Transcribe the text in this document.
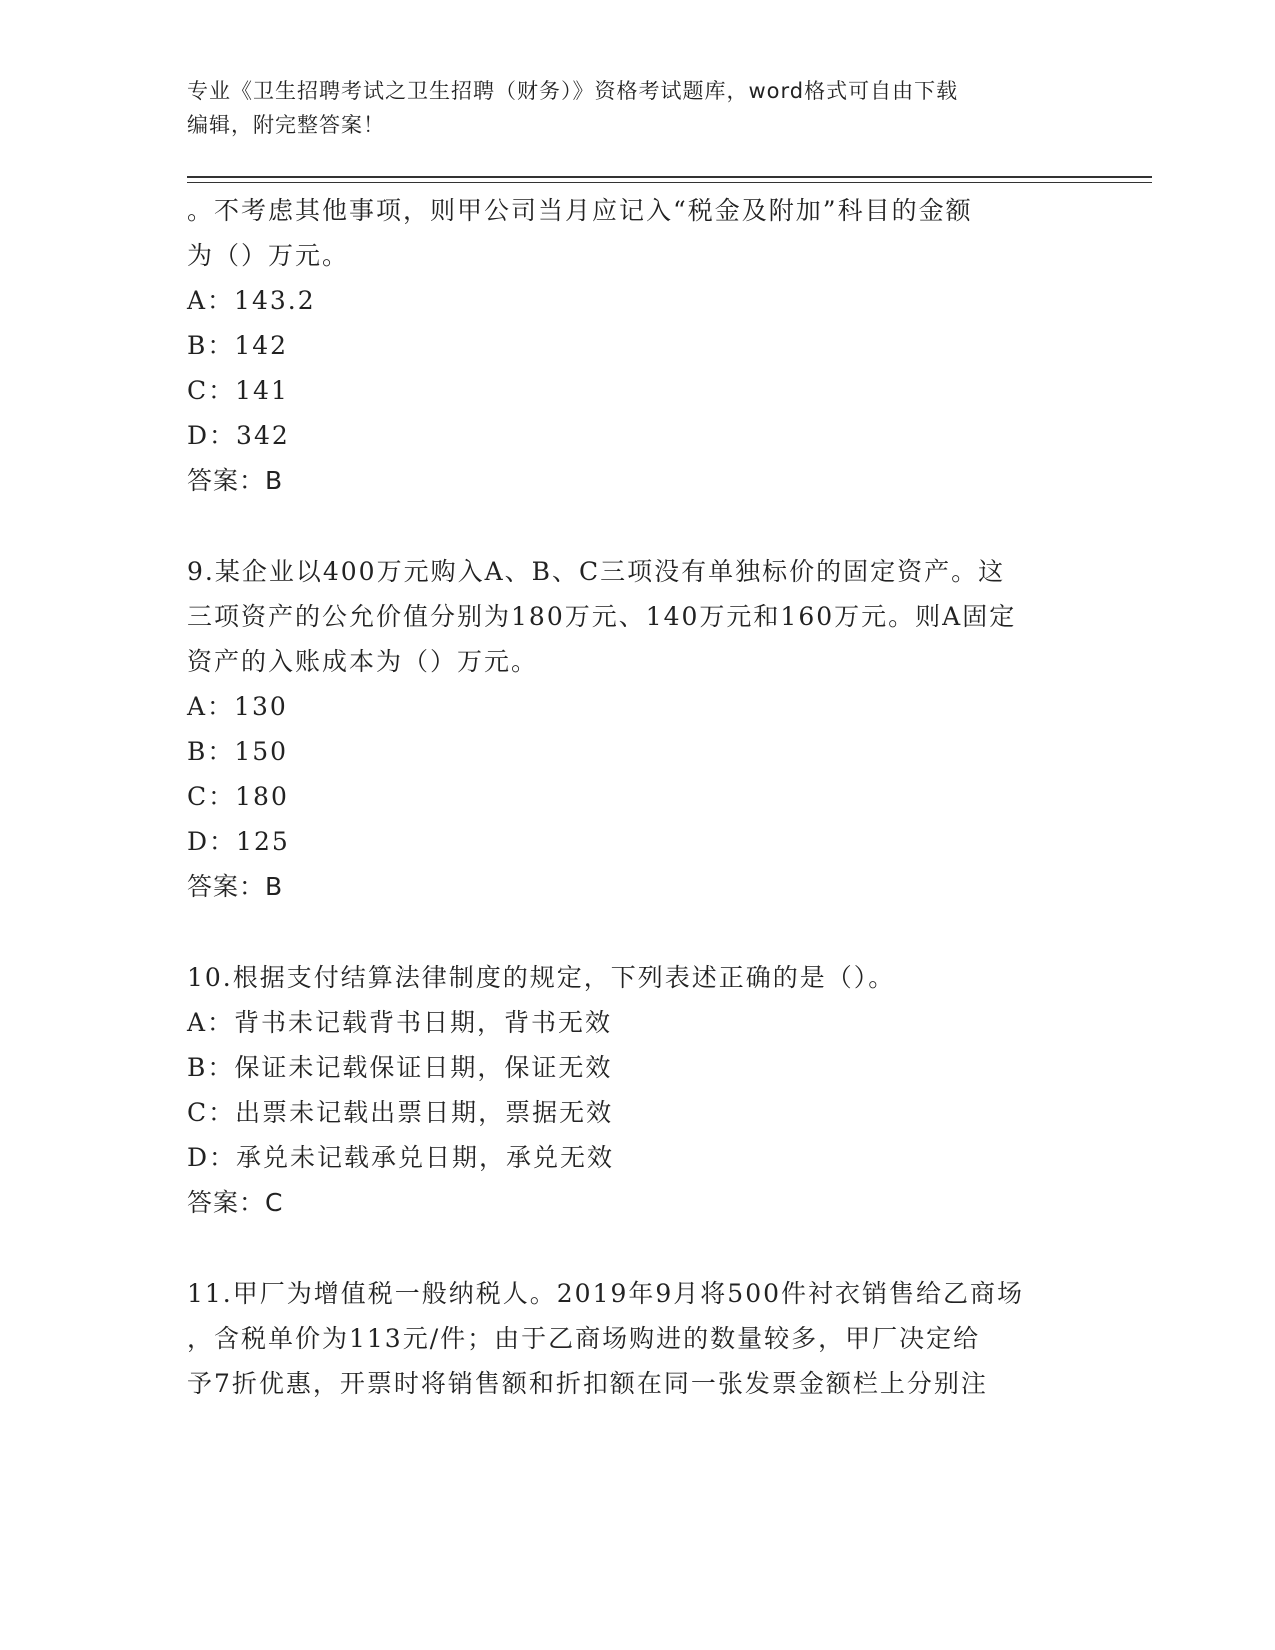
专业《卫生招聘考试之卫生招聘（财务）》资格考试题库，word格式可自由下载
编辑，附完整答案！
。不考虑其他事项，则甲公司当月应记入“税金及附加”科目的金额
为（）万元。
A：143.2
B：142
C：141
D：342
答案：B
9.某企业以400万元购入A、B、C三项没有单独标价的固定资产。这
三项资产的公允价值分别为180万元、140万元和160万元。则A固定
资产的入账成本为（）万元。
A：130
B：150
C：180
D：125
答案：B
10.根据支付结算法律制度的规定，下列表述正确的是（）。
A：背书未记载背书日期，背书无效
B：保证未记载保证日期，保证无效
C：出票未记载出票日期，票据无效
D：承兑未记载承兑日期，承兑无效
答案：C
11.甲厂为增值税一般纳税人。2019年9月将500件衬衣销售给乙商场
，含税单价为113元/件；由于乙商场购进的数量较多，甲厂决定给
予7折优惠，开票时将销售额和折扣额在同一张发票金额栏上分别注
